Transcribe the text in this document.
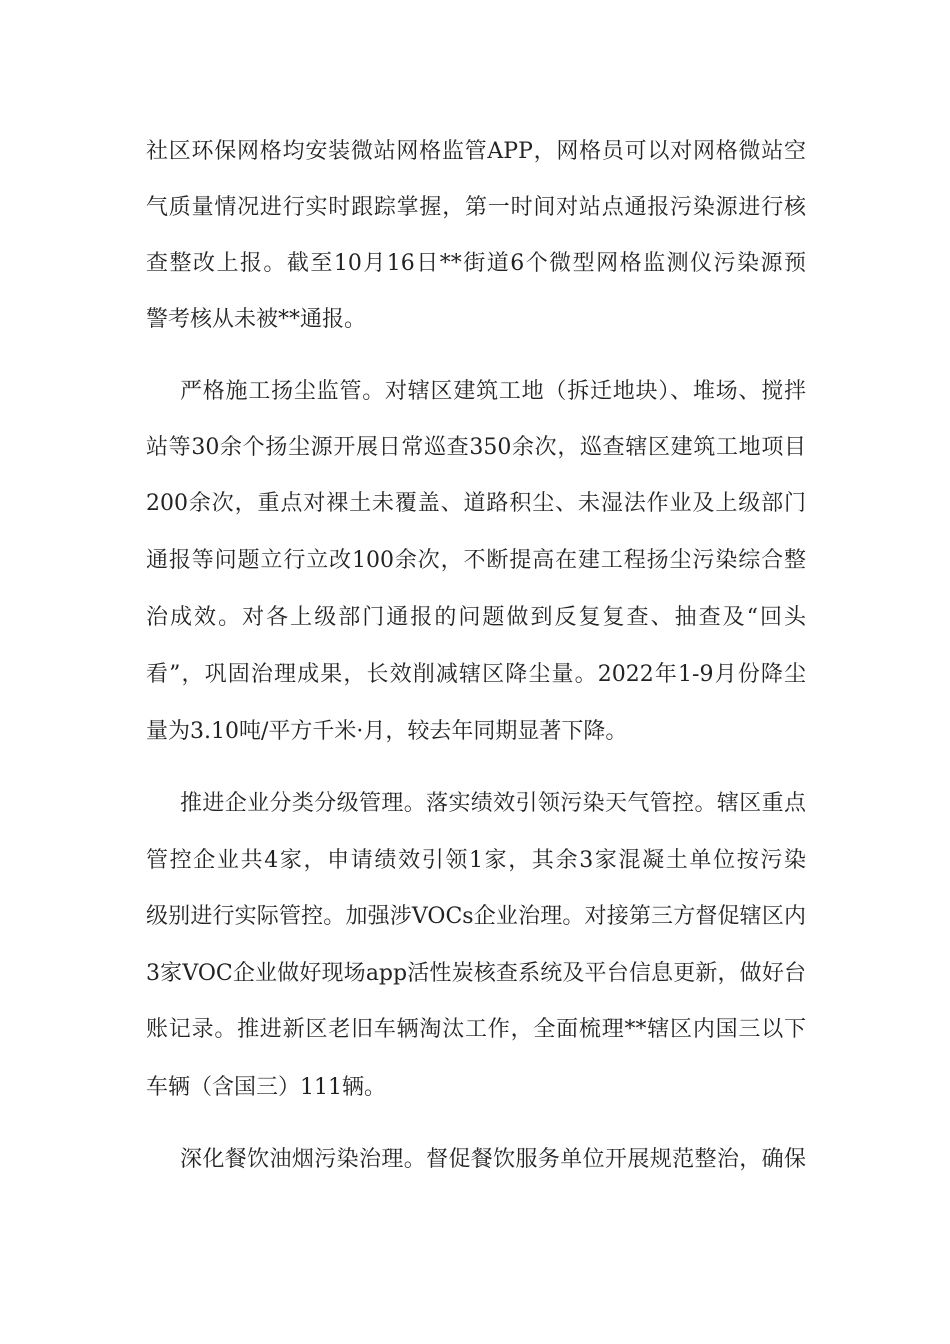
社区环保网格均安装微站网格监管APP，网格员可以对网格微站空

气质量情况进行实时跟踪掌握，第一时间对站点通报污染源进行核

查整改上报。截至10月16日**街道6个微型网格监测仪污染源预

警考核从未被**通报。

严格施工扬尘监管。对辖区建筑工地（拆迁地块）、堆场、搅拌

站等30余个扬尘源开展日常巡查350余次，巡查辖区建筑工地项目

200余次，重点对裸土未覆盖、道路积尘、未湿法作业及上级部门

通报等问题立行立改100余次，不断提高在建工程扬尘污染综合整

治成效。对各上级部门通报的问题做到反复复查、抽查及“回头

看”，巩固治理成果，长效削减辖区降尘量。2022年1-9月份降尘

量为3.10吨/平方千米·月，较去年同期显著下降。

推进企业分类分级管理。落实绩效引领污染天气管控。辖区重点

管控企业共4家，申请绩效引领1家，其余3家混凝土单位按污染

级别进行实际管控。加强涉VOCs企业治理。对接第三方督促辖区内

3家VOC企业做好现场app活性炭核查系统及平台信息更新，做好台

账记录。推进新区老旧车辆淘汰工作，全面梳理**辖区内国三以下

车辆（含国三）111辆。

深化餐饮油烟污染治理。督促餐饮服务单位开展规范整治，确保
